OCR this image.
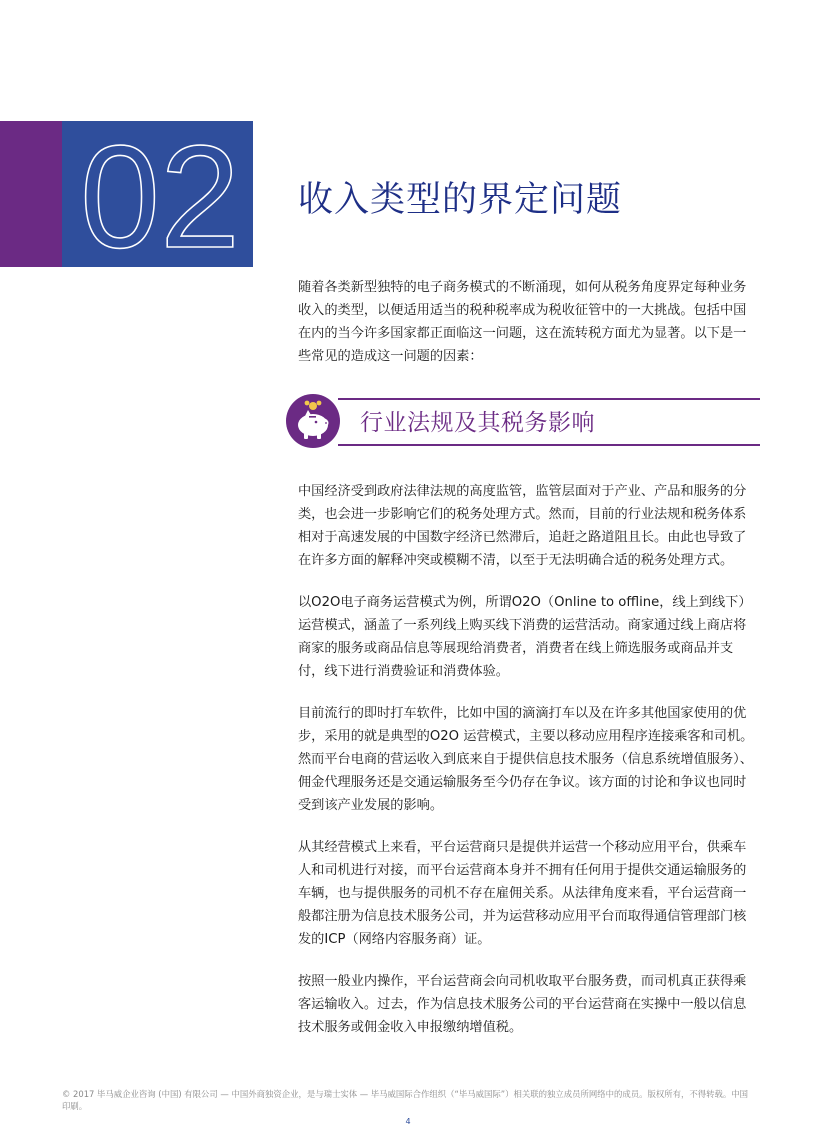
02 收入类型的界定问题

随着各类新型独特的电子商务模式的不断涌现，如何从税务角度界定每种业务收入的类型，以便适用适当的税种税率成为税收征管中的一大挑战。包括中国在内的当今许多国家都正面临这一问题，这在流转税方面尤为显著。以下是一些常见的造成这一问题的因素：

行业法规及其税务影响

中国经济受到政府法律法规的高度监管，监管层面对于产业、产品和服务的分类，也会进一步影响它们的税务处理方式。然而，目前的行业法规和税务体系相对于高速发展的中国数字经济已然滞后，追赶之路道阻且长。由此也导致了在许多方面的解释冲突或模糊不清，以至于无法明确合适的税务处理方式。

以O2O电子商务运营模式为例，所谓O2O（Online to offline，线上到线下）运营模式，涵盖了一系列线上购买线下消费的运营活动。商家通过线上商店将商家的服务或商品信息等展现给消费者，消费者在线上筛选服务或商品并支付，线下进行消费验证和消费体验。

目前流行的即时打车软件，比如中国的滴滴打车以及在许多其他国家使用的优步，采用的就是典型的O2O 运营模式，主要以移动应用程序连接乘客和司机。然而平台电商的营运收入到底来自于提供信息技术服务（信息系统增值服务）、佣金代理服务还是交通运输服务至今仍存在争议。该方面的讨论和争议也同时受到该产业发展的影响。

从其经营模式上来看，平台运营商只是提供并运营一个移动应用平台，供乘车人和司机进行对接，而平台运营商本身并不拥有任何用于提供交通运输服务的车辆，也与提供服务的司机不存在雇佣关系。从法律角度来看，平台运营商一般都注册为信息技术服务公司，并为运营移动应用平台而取得通信管理部门核发的ICP（网络内容服务商）证。

按照一般业内操作，平台运营商会向司机收取平台服务费，而司机真正获得乘客运输收入。过去，作为信息技术服务公司的平台运营商在实操中一般以信息技术服务或佣金收入申报缴纳增值税。

© 2017 毕马威企业咨询 (中国) 有限公司 — 中国外商独资企业，是与瑞士实体 — 毕马威国际合作组织（“毕马威国际”）相关联的独立成员所网络中的成员。版权所有，不得转载。中国印刷。

4
